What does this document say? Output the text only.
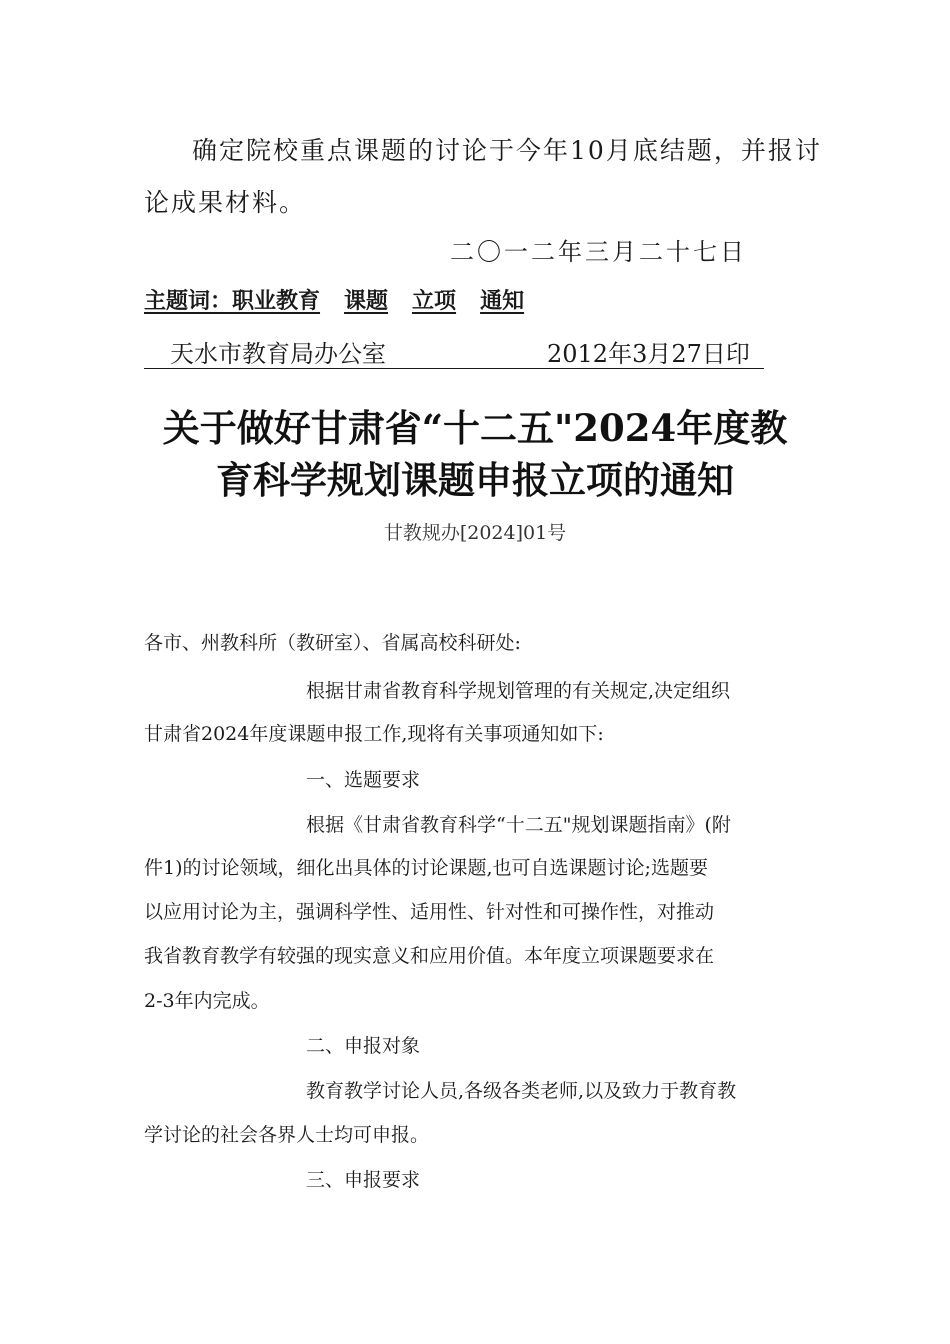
确定院校重点课题的讨论于今年10月底结题，并报讨
论成果材料。
二〇一二年三月二十七日
主题词：职业教育 课题 立项 通知
天水市教育局办公室	2012年3月27日印
关于做好甘肃省“十二五"2024年度教
育科学规划课题申报立项的通知
甘教规办[2024]01号
各市、州教科所（教研室）、省属高校科研处:
根据甘肃省教育科学规划管理的有关规定,决定组织
甘肃省2024年度课题申报工作,现将有关事项通知如下:
一、选题要求
根据《甘肃省教育科学“十二五"规划课题指南》(附
件1)的讨论领域，细化出具体的讨论课题,也可自选课题讨论;选题要
以应用讨论为主，强调科学性、适用性、针对性和可操作性，对推动
我省教育教学有较强的现实意义和应用价值。本年度立项课题要求在
2-3年内完成。
二、申报对象
教育教学讨论人员,各级各类老师,以及致力于教育教
学讨论的社会各界人士均可申报。
三、申报要求
